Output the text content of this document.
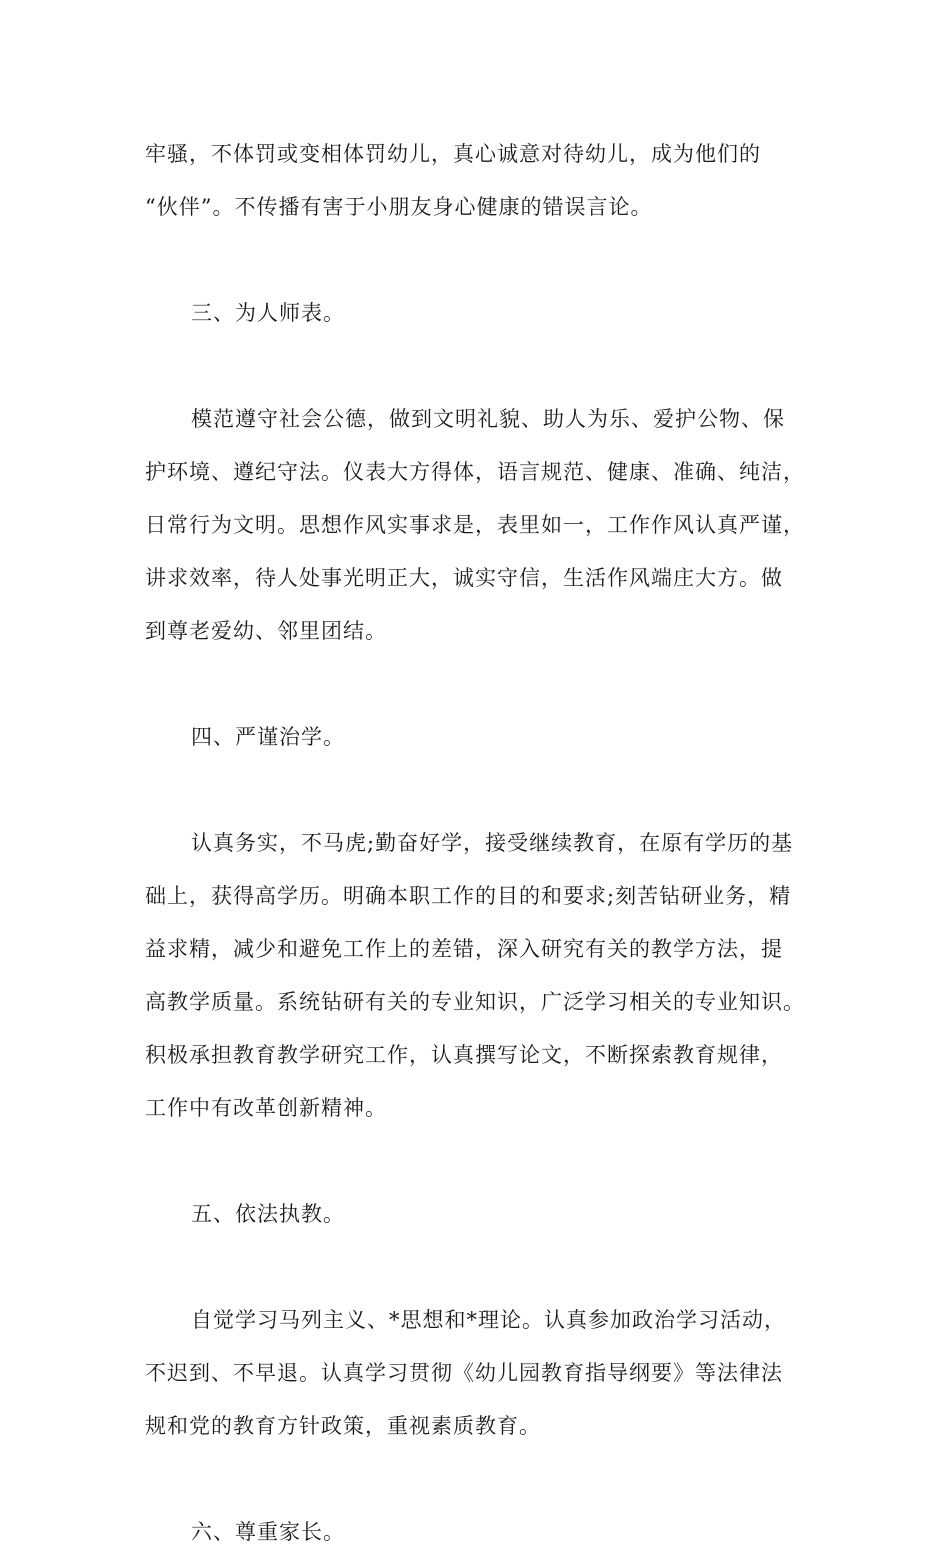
牢骚，不体罚或变相体罚幼儿，真心诚意对待幼儿，成为他们的
“伙伴”。不传播有害于小朋友身心健康的错误言论。
三、为人师表。
模范遵守社会公德，做到文明礼貌、助人为乐、爱护公物、保
护环境、遵纪守法。仪表大方得体，语言规范、健康、准确、纯洁，
日常行为文明。思想作风实事求是，表里如一，工作作风认真严谨，
讲求效率，待人处事光明正大，诚实守信，生活作风端庄大方。做
到尊老爱幼、邻里团结。
四、严谨治学。
认真务实，不马虎;勤奋好学，接受继续教育，在原有学历的基
础上，获得高学历。明确本职工作的目的和要求;刻苦钻研业务，精
益求精，减少和避免工作上的差错，深入研究有关的教学方法，提
高教学质量。系统钻研有关的专业知识，广泛学习相关的专业知识。
积极承担教育教学研究工作，认真撰写论文，不断探索教育规律，
工作中有改革创新精神。
五、依法执教。
自觉学习马列主义、*思想和*理论。认真参加政治学习活动，
不迟到、不早退。认真学习贯彻《幼儿园教育指导纲要》等法律法
规和党的教育方针政策，重视素质教育。
六、尊重家长。
